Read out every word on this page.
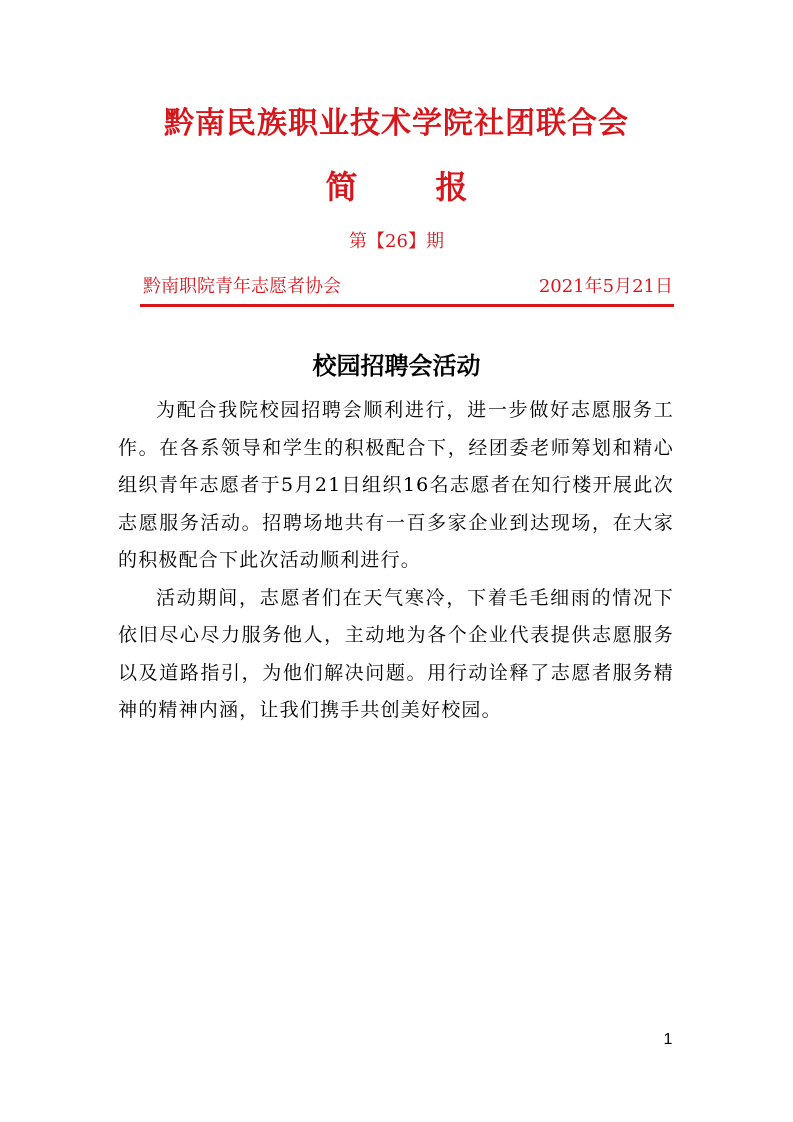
黔南民族职业技术学院社团联合会
简 报
第【26】期
黔南职院青年志愿者协会	2021年5月21日
校园招聘会活动

为配合我院校园招聘会顺利进行，进一步做好志愿服务工作。在各系领导和学生的积极配合下，经团委老师筹划和精心组织青年志愿者于5月21日组织16名志愿者在知行楼开展此次志愿服务活动。招聘场地共有一百多家企业到达现场，在大家的积极配合下此次活动顺利进行。

活动期间，志愿者们在天气寒冷，下着毛毛细雨的情况下依旧尽心尽力服务他人，主动地为各个企业代表提供志愿服务以及道路指引，为他们解决问题。用行动诠释了志愿者服务精神的精神内涵，让我们携手共创美好校园。

1
